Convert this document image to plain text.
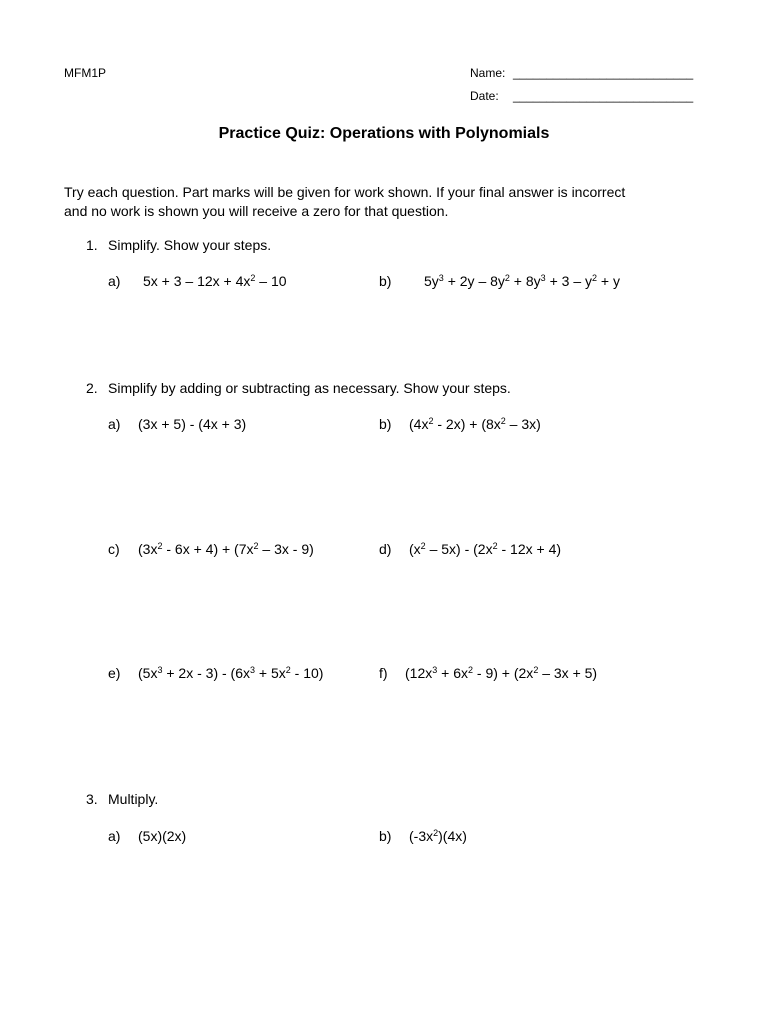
MFM1P	Name: ___________________________
Date: ___________________________
Practice Quiz: Operations with Polynomials
Try each question. Part marks will be given for work shown. If your final answer is incorrect
and no work is shown you will receive a zero for that question.
1. Simplify. Show your steps.
a) $5x + 3 - 12x + 4x^2 - 10$	b) $5y^3 + 2y - 8y^2 + 8y^3 + 3 - y^2 + y$
2. Simplify by adding or subtracting as necessary. Show your steps.
a) (3x + 5) - (4x + 3)	b) $(4x^2 - 2x) + (8x^2 - 3x)$
c) $(3x^2 - 6x + 4) + (7x^2 - 3x - 9)$	d) $(x^2 - 5x) - (2x^2 - 12x + 4)$
e) $(5x^3 + 2x - 3) - (6x^3 + 5x^2 - 10)$	f) $(12x^3 + 6x^2 - 9) + (2x^2 - 3x + 5)$
3. Multiply.
a) (5x)(2x)	b) $(-3x^2)(4x)$
